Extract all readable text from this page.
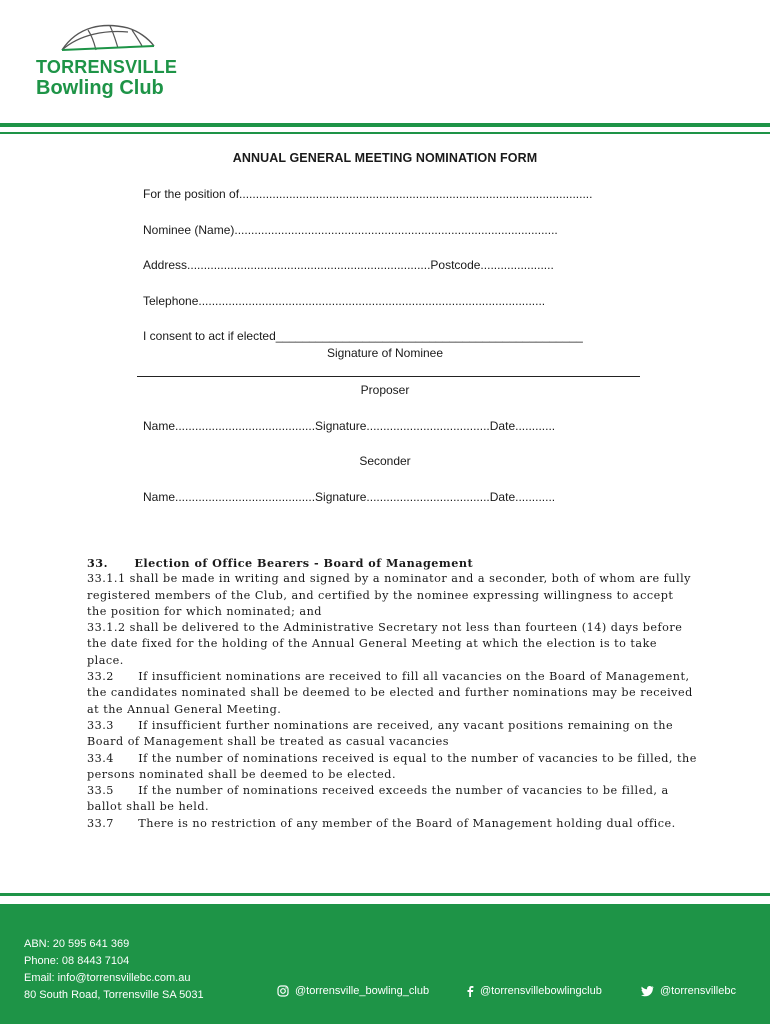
TORRENSVILLE
Bowling Club
ANNUAL GENERAL MEETING NOMINATION FORM
For the position of..........................................................................................................
Nominee (Name).................................................................................................
Address.........................................................................Postcode......................
Telephone........................................................................................................
I consent to act if elected______________________________________________
Signature of Nominee
Proposer
Name..........................................Signature.....................................Date............
Seconder
Name..........................................Signature.....................................Date............
33.      Election of Office Bearers - Board of Management
33.1.1 shall be made in writing and signed by a nominator and a seconder, both of whom are fully registered members of the Club, and certified by the nominee expressing willingness to accept the position for which nominated; and
33.1.2 shall be delivered to the Administrative Secretary not less than fourteen (14) days before the date fixed for the holding of the Annual General Meeting at which the election is to take place.
33.2      If insufficient nominations are received to fill all vacancies on the Board of Management, the candidates nominated shall be deemed to be elected and further nominations may be received at the Annual General Meeting.
33.3      If insufficient further nominations are received, any vacant positions remaining on the Board of Management shall be treated as casual vacancies
33.4      If the number of nominations received is equal to the number of vacancies to be filled, the persons nominated shall be deemed to be elected.
33.5      If the number of nominations received exceeds the number of vacancies to be filled, a ballot shall be held.
33.7      There is no restriction of any member of the Board of Management holding dual office.
ABN: 20 595 641 369
Phone: 08 8443 7104
Email: info@torrensvillebc.com.au
80 South Road, Torrensville SA 5031	@torrensville_bowling_club	@torrensvillebowlingclub	@torrensvillebc
